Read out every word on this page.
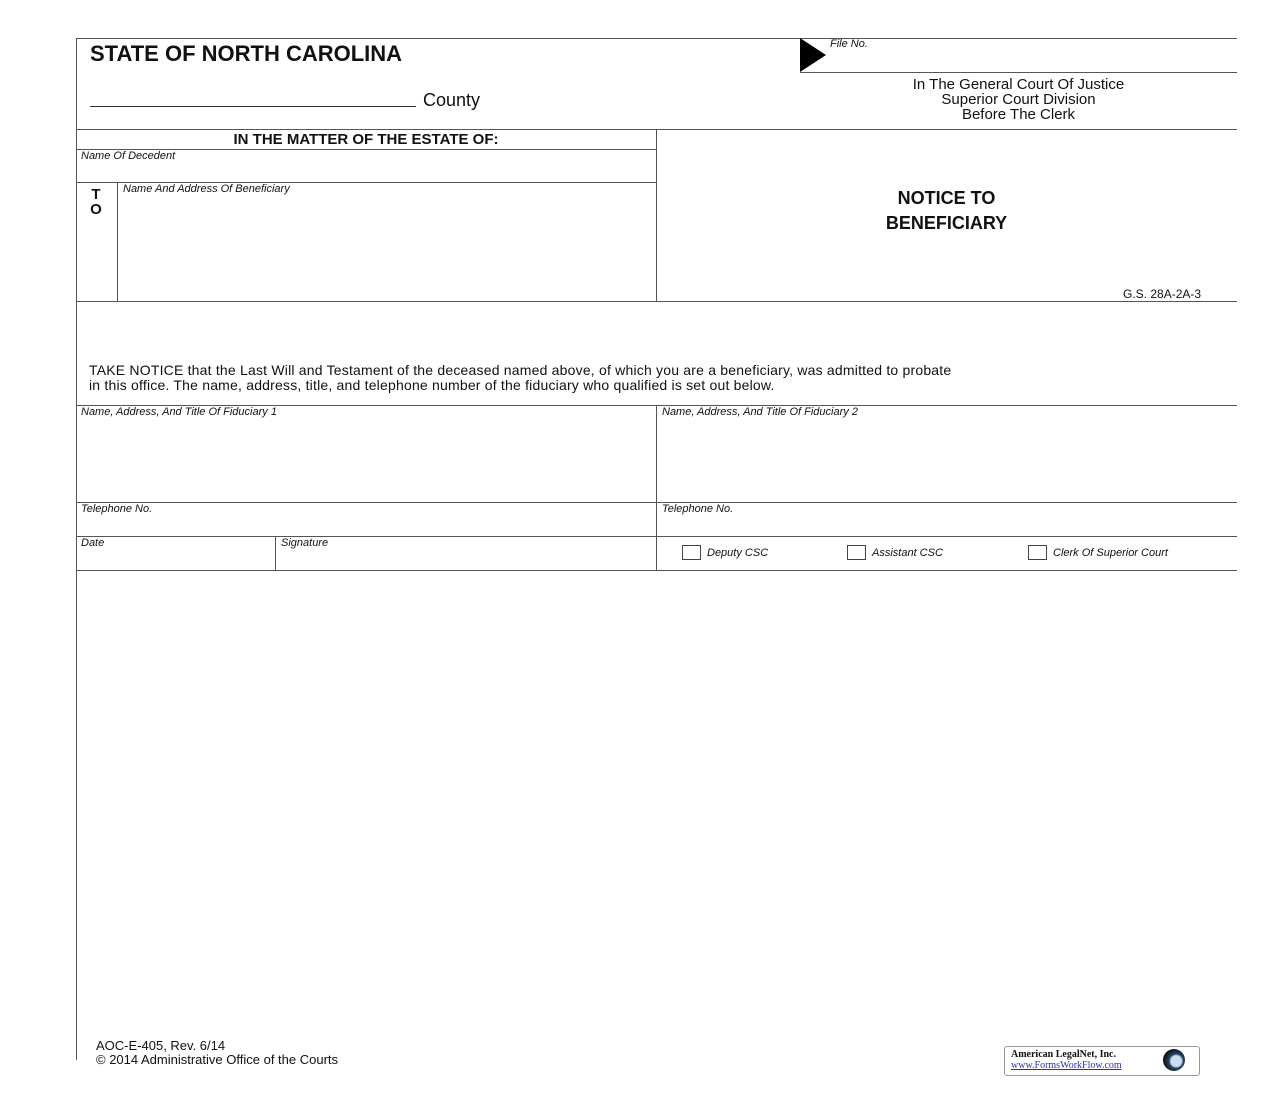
STATE OF NORTH CAROLINA
County
File No.
In The General Court Of Justice
Superior Court Division
Before The Clerk
IN THE MATTER OF THE ESTATE OF:
Name Of Decedent
T
O
Name And Address Of Beneficiary	NOTICE TO
BENEFICIARY
G.S. 28A-2A-3
TAKE NOTICE that the Last Will and Testament of the deceased named above, of which you are a beneficiary, was admitted to probate
in this office. The name, address, title, and telephone number of the fiduciary who qualified is set out below.
Name, Address, And Title Of Fiduciary 1	Name, Address, And Title Of Fiduciary 2
Telephone No.	Telephone No.
Date	Signature
Deputy CSC	Assistant CSC	Clerk Of Superior Court
AOC-E-405, Rev. 6/14
© 2014 Administrative Office of the Courts	American LegalNet, Inc.
www.FormsWorkFlow.com
